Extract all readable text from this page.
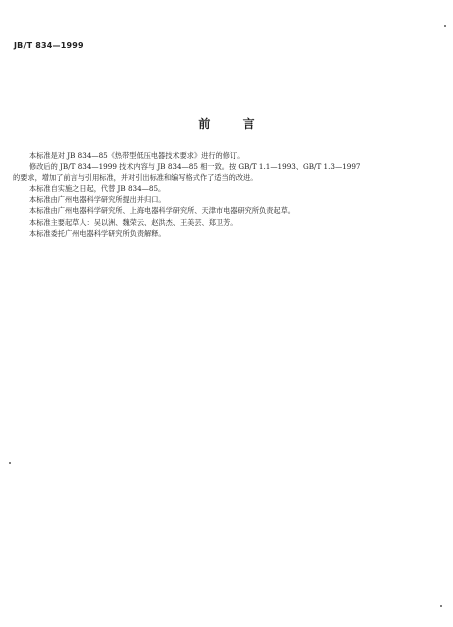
JB/T 834—1999
前 言

本标准是对 JB 834—85《热带型低压电器技术要求》进行的修订。

修改后的 JB/T 834—1999 技术内容与 JB 834—85 相一致。按 GB/T 1.1—1993、GB/T 1.3—1997

的要求，增加了前言与引用标准，并对引出标准和编写格式作了适当的改进。

本标准自实施之日起，代替 JB 834—85。

本标准由广州电器科学研究所提出并归口。

本标准由广州电器科学研究所、上海电器科学研究所、天津市电器研究所负责起草。

本标准主要起草人：吴以洲、魏荣云、赵洪杰、王美芸、郑卫芳。

本标准委托广州电器科学研究所负责解释。
